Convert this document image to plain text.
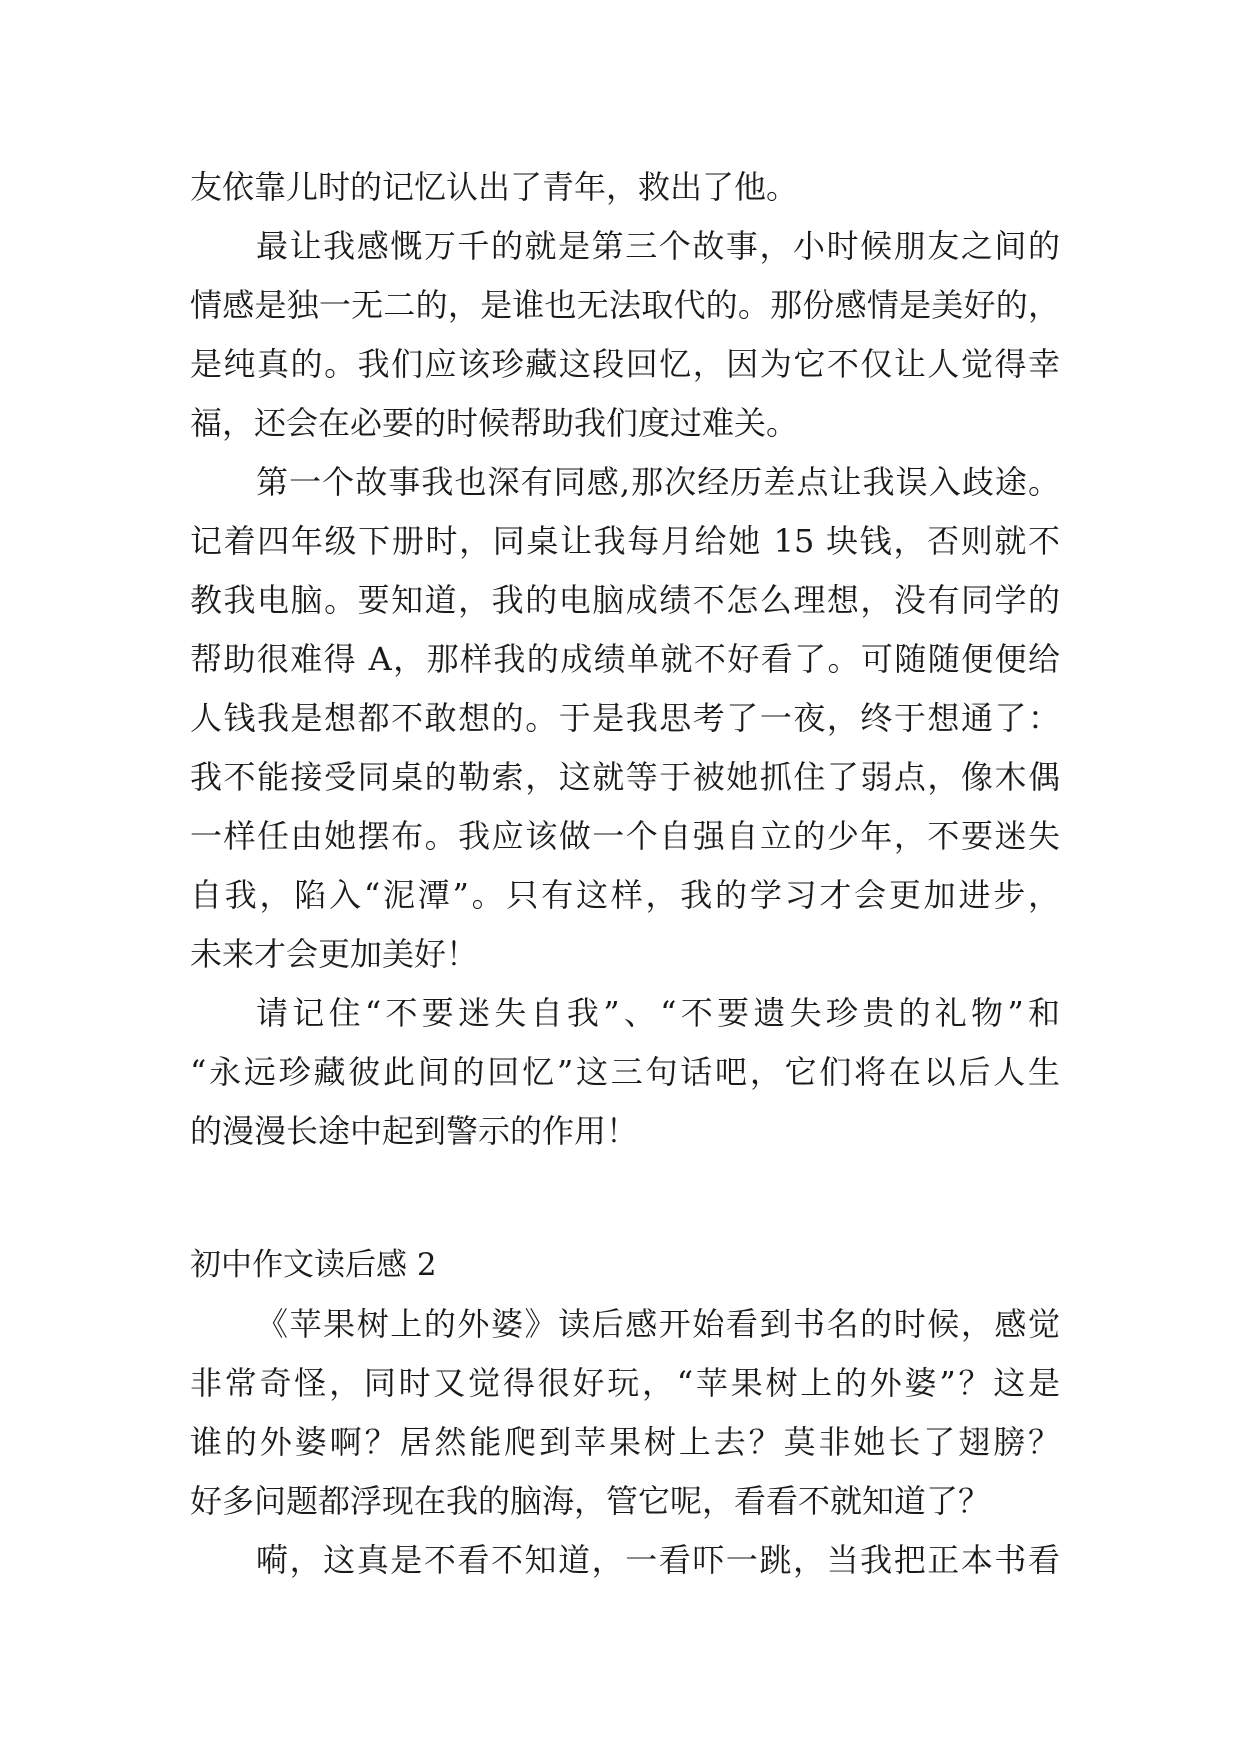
友依靠儿时的记忆认出了青年，救出了他。
最让我感慨万千的就是第三个故事，小时候朋友之间的
情感是独一无二的，是谁也无法取代的。那份感情是美好的，
是纯真的。我们应该珍藏这段回忆，因为它不仅让人觉得幸
福，还会在必要的时候帮助我们度过难关。
第一个故事我也深有同感,那次经历差点让我误入歧途。
记着四年级下册时，同桌让我每月给她 15 块钱，否则就不
教我电脑。要知道，我的电脑成绩不怎么理想，没有同学的
帮助很难得 A，那样我的成绩单就不好看了。可随随便便给
人钱我是想都不敢想的。于是我思考了一夜，终于想通了：
我不能接受同桌的勒索，这就等于被她抓住了弱点，像木偶
一样任由她摆布。我应该做一个自强自立的少年，不要迷失
自我，陷入“泥潭”。只有这样，我的学习才会更加进步，
未来才会更加美好！
请记住“不要迷失自我”、“不要遗失珍贵的礼物”和
“永远珍藏彼此间的回忆”这三句话吧，它们将在以后人生
的漫漫长途中起到警示的作用！
初中作文读后感 2
《苹果树上的外婆》读后感开始看到书名的时候，感觉
非常奇怪，同时又觉得很好玩，“苹果树上的外婆”？这是
谁的外婆啊？居然能爬到苹果树上去？莫非她长了翅膀？
好多问题都浮现在我的脑海，管它呢，看看不就知道了？
嗬，这真是不看不知道，一看吓一跳，当我把正本书看
